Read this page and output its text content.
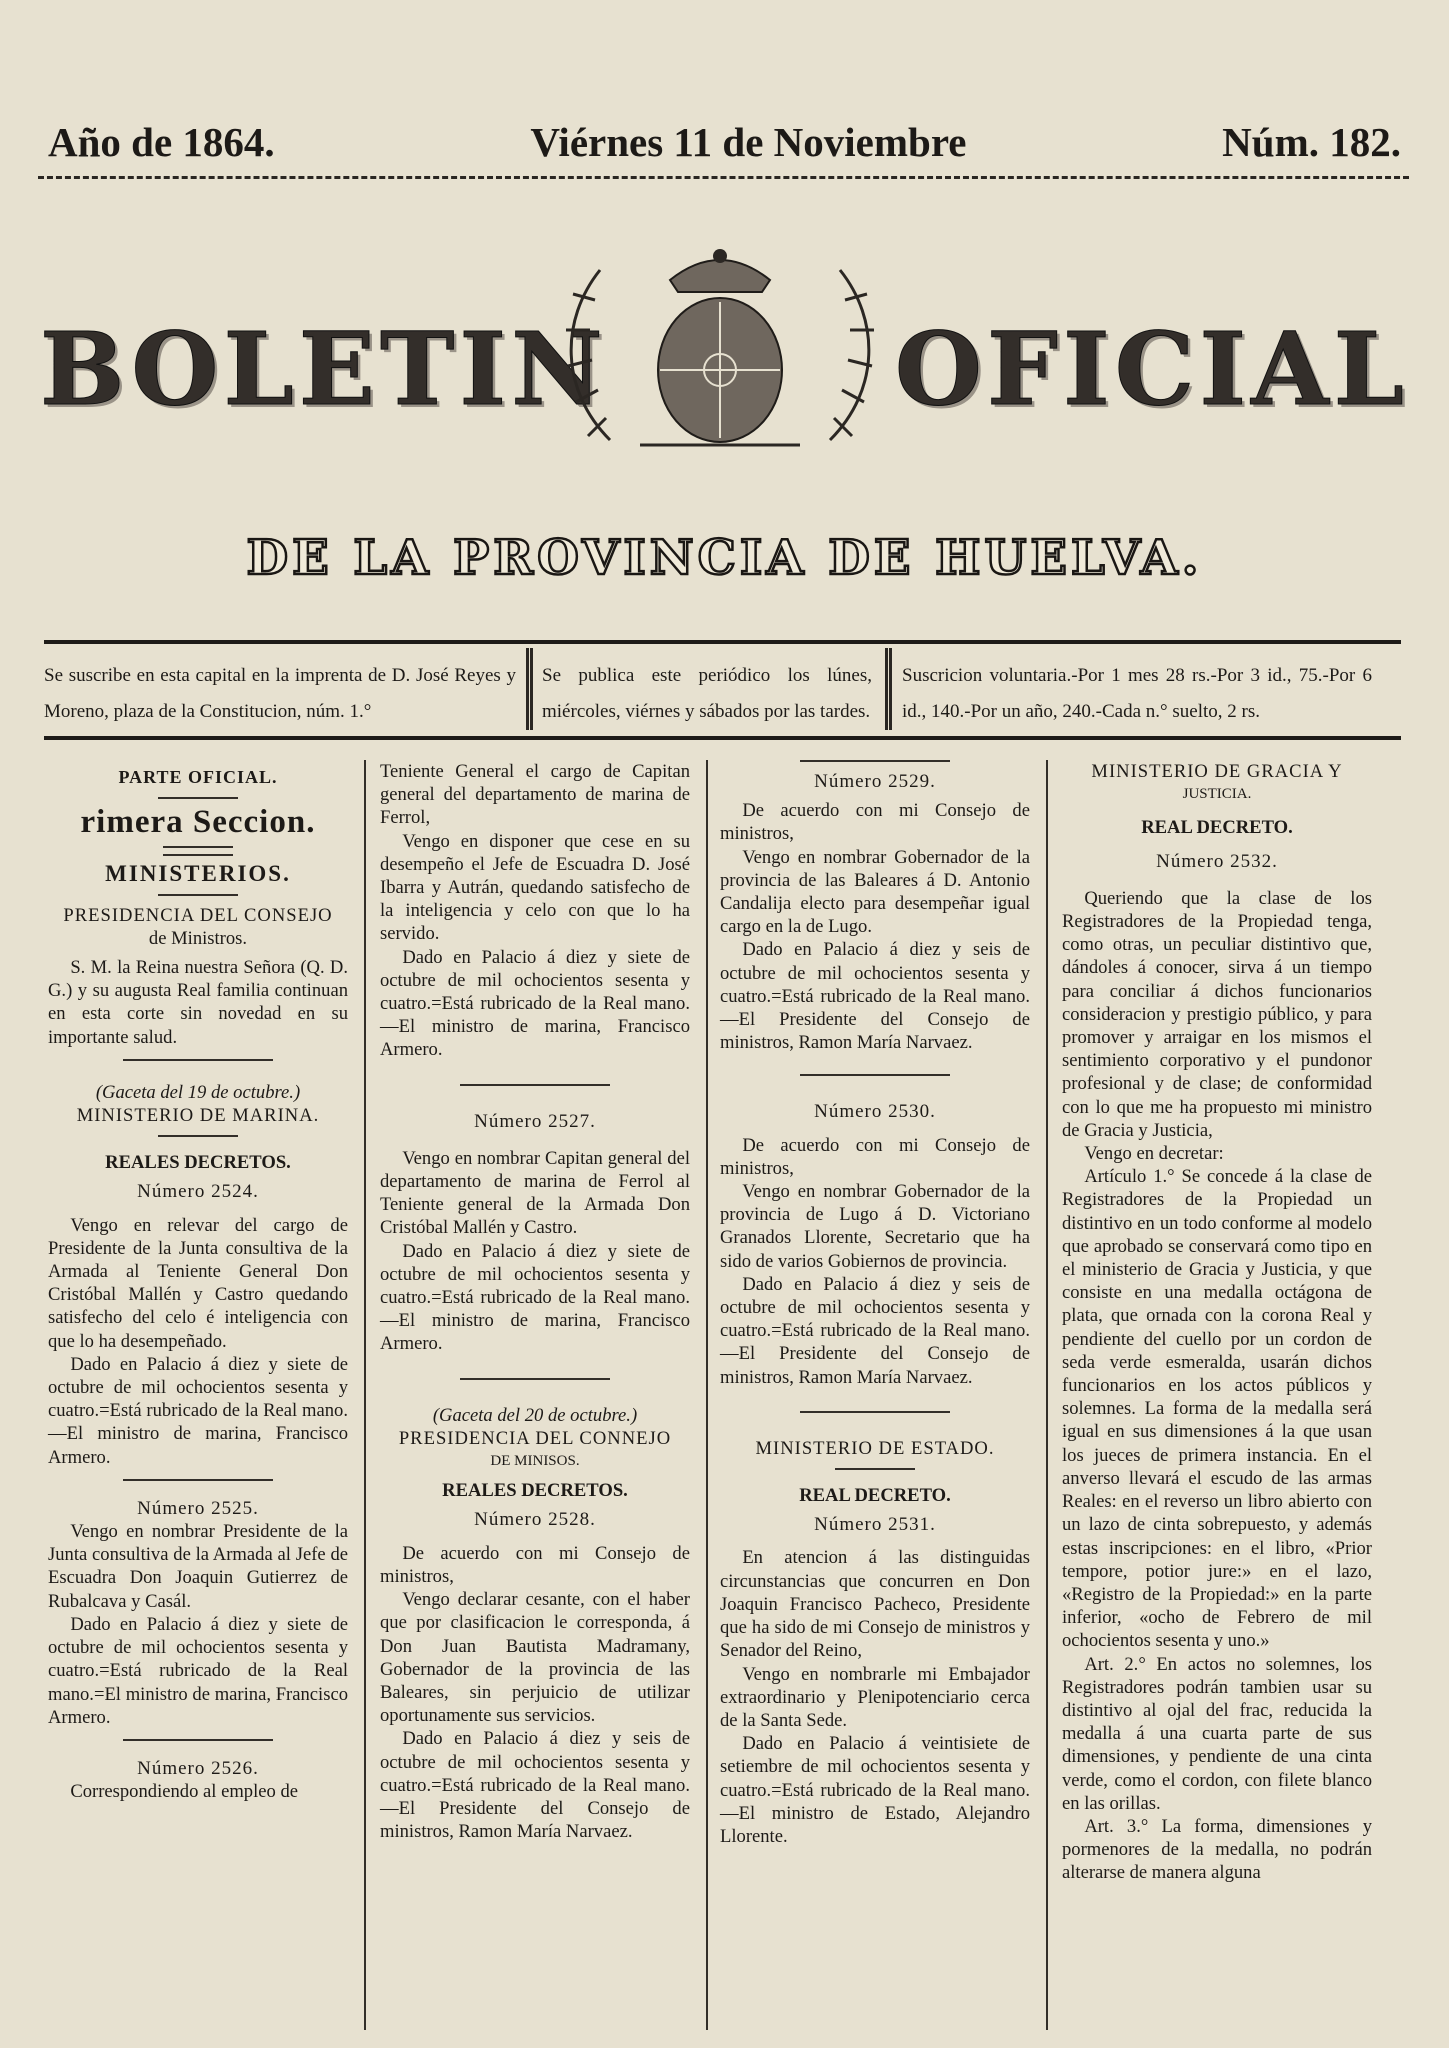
Año de 1864.	Viérnes 11 de Noviembre	Núm. 182.
BOLETIN	OFICIAL
DE LA PROVINCIA DE HUELVA.
Se suscribe en esta capital en la imprenta de D. José Reyes y Moreno, plaza de la Constitucion, núm. 1.°
Se publica este periódico los lúnes, miércoles, viérnes y sábados por las tardes.
Suscricion voluntaria.-Por 1 mes 28 rs.-Por 3 id., 75.-Por 6 id., 140.-Por un año, 240.-Cada n.° suelto, 2 rs.

PARTE OFICIAL.

rimera Seccion.

MINISTERIOS.

PRESIDENCIA DEL CONSEJO

de Ministros.

S. M. la Reina nuestra Señora (Q. D. G.) y su augusta Real familia continuan en esta corte sin novedad en su importante salud.

(Gaceta del 19 de octubre.)

MINISTERIO DE MARINA.

REALES DECRETOS.

Número 2524.

Vengo en relevar del cargo de Presidente de la Junta consultiva de la Armada al Teniente General Don Cristóbal Mallén y Castro quedando satisfecho del celo é inteligencia con que lo ha desempeñado.

Dado en Palacio á diez y siete de octubre de mil ochocientos sesenta y cuatro.=Está rubricado de la Real mano.—El ministro de marina, Francisco Armero.

Número 2525.

Vengo en nombrar Presidente de la Junta consultiva de la Armada al Jefe de Escuadra Don Joaquin Gutierrez de Rubalcava y Casál.

Dado en Palacio á diez y siete de octubre de mil ochocientos sesenta y cuatro.=Está rubricado de la Real mano.=El ministro de marina, Francisco Armero.

Número 2526.

Correspondiendo al empleo de

Teniente General el cargo de Capitan general del departamento de marina de Ferrol,

Vengo en disponer que cese en su desempeño el Jefe de Escuadra D. José Ibarra y Autrán, quedando satisfecho de la inteligencia y celo con que lo ha servido.

Dado en Palacio á diez y siete de octubre de mil ochocientos sesenta y cuatro.=Está rubricado de la Real mano.—El ministro de marina, Francisco Armero.

Número 2527.

Vengo en nombrar Capitan general del departamento de marina de Ferrol al Teniente general de la Armada Don Cristóbal Mallén y Castro.

Dado en Palacio á diez y siete de octubre de mil ochocientos sesenta y cuatro.=Está rubricado de la Real mano.—El ministro de marina, Francisco Armero.

(Gaceta del 20 de octubre.)

PRESIDENCIA DEL CONNEJO

DE MINISOS.

REALES DECRETOS.

Número 2528.

De acuerdo con mi Consejo de ministros,

Vengo declarar cesante, con el haber que por clasificacion le corresponda, á Don Juan Bautista Madramany, Gobernador de la provincia de las Baleares, sin perjuicio de utilizar oportunamente sus servicios.

Dado en Palacio á diez y seis de octubre de mil ochocientos sesenta y cuatro.=Está rubricado de la Real mano.—El Presidente del Consejo de ministros, Ramon María Narvaez.

Número 2529.

De acuerdo con mi Consejo de ministros,

Vengo en nombrar Gobernador de la provincia de las Baleares á D. Antonio Candalija electo para desempeñar igual cargo en la de Lugo.

Dado en Palacio á diez y seis de octubre de mil ochocientos sesenta y cuatro.=Está rubricado de la Real mano.—El Presidente del Consejo de ministros, Ramon María Narvaez.

Número 2530.

De acuerdo con mi Consejo de ministros,

Vengo en nombrar Gobernador de la provincia de Lugo á D. Victoriano Granados Llorente, Secretario que ha sido de varios Gobiernos de provincia.

Dado en Palacio á diez y seis de octubre de mil ochocientos sesenta y cuatro.=Está rubricado de la Real mano.—El Presidente del Consejo de ministros, Ramon María Narvaez.

MINISTERIO DE ESTADO.

REAL DECRETO.

Número 2531.

En atencion á las distinguidas circunstancias que concurren en Don Joaquin Francisco Pacheco, Presidente que ha sido de mi Consejo de ministros y Senador del Reino,

Vengo en nombrarle mi Embajador extraordinario y Plenipotenciario cerca de la Santa Sede.

Dado en Palacio á veintisiete de setiembre de mil ochocientos sesenta y cuatro.=Está rubricado de la Real mano.—El ministro de Estado, Alejandro Llorente.

MINISTERIO DE GRACIA Y

JUSTICIA.

REAL DECRETO.

Número 2532.

Queriendo que la clase de los Registradores de la Propiedad tenga, como otras, un peculiar distintivo que, dándoles á conocer, sirva á un tiempo para conciliar á dichos funcionarios consideracion y prestigio público, y para promover y arraigar en los mismos el sentimiento corporativo y el pundonor profesional y de clase; de conformidad con lo que me ha propuesto mi ministro de Gracia y Justicia,

Vengo en decretar:

Artículo 1.° Se concede á la clase de Registradores de la Propiedad un distintivo en un todo conforme al modelo que aprobado se conservará como tipo en el ministerio de Gracia y Justicia, y que consiste en una medalla octágona de plata, que ornada con la corona Real y pendiente del cuello por un cordon de seda verde esmeralda, usarán dichos funcionarios en los actos públicos y solemnes. La forma de la medalla será igual en sus dimensiones á la que usan los jueces de primera instancia. En el anverso llevará el escudo de las armas Reales: en el reverso un libro abierto con un lazo de cinta sobrepuesto, y además estas inscripciones: en el libro, «Prior tempore, potior jure:» en el lazo, «Registro de la Propiedad:» en la parte inferior, «ocho de Febrero de mil ochocientos sesenta y uno.»

Art. 2.° En actos no solemnes, los Registradores podrán tambien usar su distintivo al ojal del frac, reducida la medalla á una cuarta parte de sus dimensiones, y pendiente de una cinta verde, como el cordon, con filete blanco en las orillas.

Art. 3.° La forma, dimensiones y pormenores de la medalla, no podrán alterarse de manera alguna
